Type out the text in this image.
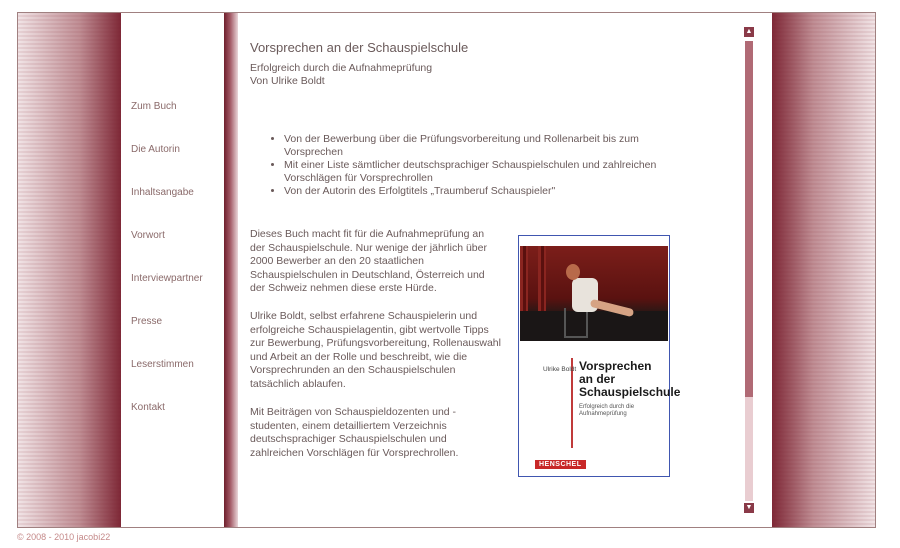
Zum Buch
Die Autorin
Inhaltsangabe
Vorwort
Interviewpartner
Presse
Leserstimmen
Kontakt
Vorsprechen an der Schauspielschule
Erfolgreich durch die Aufnahmeprüfung
Von Ulrike Boldt
• Von der Bewerbung über die Prüfungsvorbereitung und Rollenarbeit bis zum Vorsprechen
• Mit einer Liste sämtlicher deutschsprachiger Schauspielschulen und zahlreichen Vorschlägen für Vorsprechrollen
• Von der Autorin des Erfolgtitels „Traumberuf Schauspieler"

Dieses Buch macht fit für die Aufnahmeprüfung an der Schauspielschule. Nur wenige der jährlich über 2000 Bewerber an den 20 staatlichen Schauspielschulen in Deutschland, Österreich und der Schweiz nehmen diese erste Hürde.

Ulrike Boldt, selbst erfahrene Schauspielerin und erfolgreiche Schauspielagentin, gibt wertvolle Tipps zur Bewerbung, Prüfungsvorbereitung, Rollenauswahl und Arbeit an der Rolle und beschreibt, wie die Vorsprechrunden an den Schauspielschulen tatsächlich ablaufen.

Mit Beiträgen von Schauspieldozenten und -studenten, einem detailliertem Verzeichnis deutschsprachiger Schauspielschulen und zahlreichen Vorschlägen für Vorsprechrollen.

Ulrike Boldt Vorsprechen
an der
Schauspielschule
Erfolgreich durch die
Aufnahmeprüfung
HENSCHEL
▲
▼
© 2008 - 2010 jacobi22
